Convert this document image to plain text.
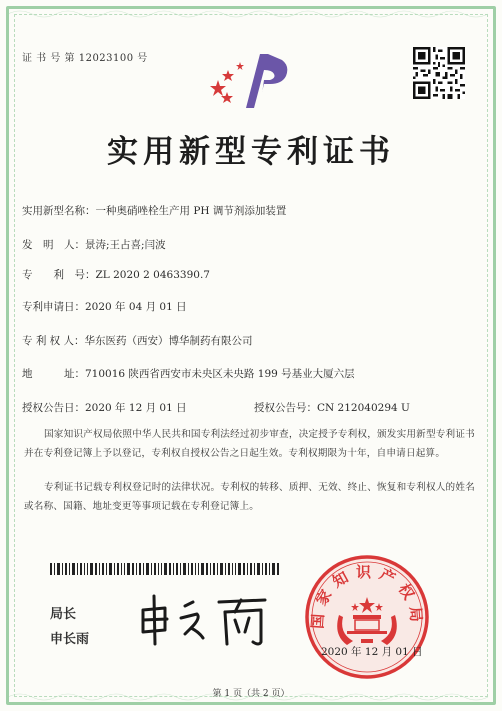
证 书 号 第 12023100 号
实用新型专利证书
实用新型名称：一种奥硝唑栓生产用 PH 调节剂添加装置
发　明　人：景涛;王占喜;闫波
专　　利　号：ZL 2020 2 0463390.7
专利申请日：2020 年 04 月 01 日
专 利 权 人：华东医药（西安）博华制药有限公司
地　　　址：710016 陕西省西安市未央区未央路 199 号基业大厦六层
授权公告日：2020 年 12 月 01 日	授权公告号：CN 212040294 U
国家知识产权局依照中华人民共和国专利法经过初步审查，决定授予专利权，颁发实用新型专利证书并在专利登记簿上予以登记，专利权自授权公告之日起生效。专利权期限为十年，自申请日起算。
专利证书记载专利权登记时的法律状况。专利权的转移、质押、无效、终止、恢复和专利权人的姓名或名称、国籍、地址变更等事项记载在专利登记簿上。
局长
申长雨
国家知识产权局
2020 年 12 月 01 日
第 1 页（共 2 页）
